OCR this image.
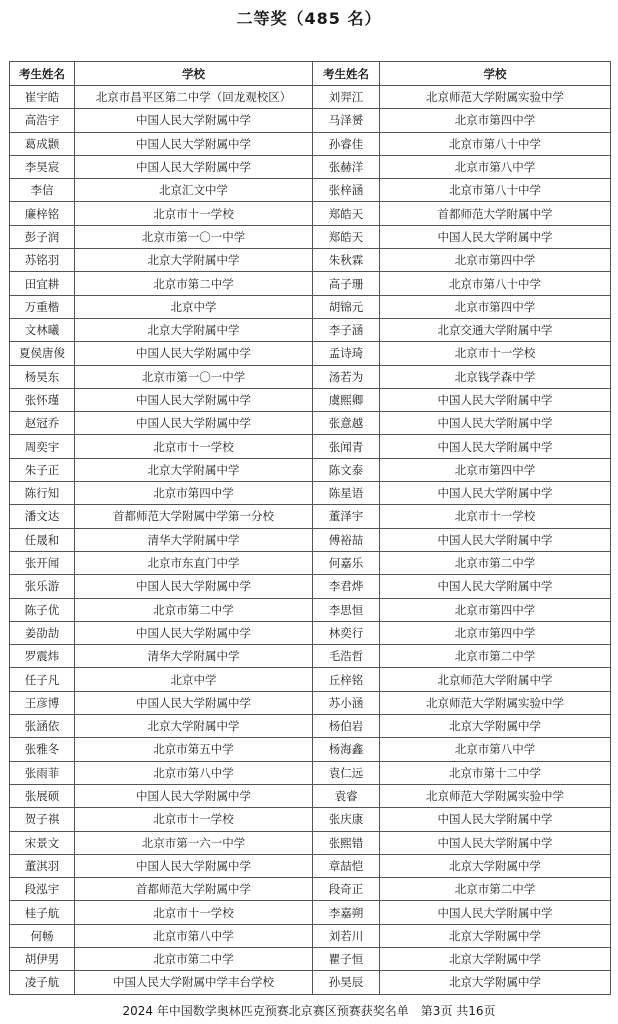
二等奖（485 名）
考生姓名	学校	考生姓名	学校
崔宇皓	北京市昌平区第二中学（回龙观校区）	刘羿江	北京师范大学附属实验中学
高浩宇	中国人民大学附属中学	马泽赟	北京市第四中学
葛成颢	中国人民大学附属中学	孙睿佳	北京市第八十中学
李昊宸	中国人民大学附属中学	张赫洋	北京市第八中学
李信	北京汇文中学	张梓涵	北京市第八十中学
廉梓铭	北京市十一学校	郑皓天	首都师范大学附属中学
彭子润	北京市第一〇一中学	郑皓天	中国人民大学附属中学
苏铭羽	北京大学附属中学	朱秋霖	北京市第四中学
田宜耕	北京市第二中学	高子珊	北京市第八十中学
万重楷	北京中学	胡锦元	北京市第四中学
文林曦	北京大学附属中学	李子涵	北京交通大学附属中学
夏侯唐俊	中国人民大学附属中学	孟诗琦	北京市十一学校
杨昊东	北京市第一〇一中学	汤若为	北京钱学森中学
张怀瑾	中国人民大学附属中学	虞熙卿	中国人民大学附属中学
赵冠乔	中国人民大学附属中学	张意越	中国人民大学附属中学
周奕宇	北京市十一学校	张闻青	中国人民大学附属中学
朱子正	北京大学附属中学	陈文泰	北京市第四中学
陈行知	北京市第四中学	陈星语	中国人民大学附属中学
潘文达	首都师范大学附属中学第一分校	董泽宇	北京市十一学校
任晟和	清华大学附属中学	傅裕喆	中国人民大学附属中学
张开闻	北京市东直门中学	何嘉乐	北京市第二中学
张乐游	中国人民大学附属中学	李君烨	中国人民大学附属中学
陈子优	北京市第二中学	李思恒	北京市第四中学
姜劭劼	中国人民大学附属中学	林奕行	北京市第四中学
罗震炜	清华大学附属中学	毛浩哲	北京市第二中学
任子凡	北京中学	丘梓铭	北京师范大学附属中学
王彦博	中国人民大学附属中学	苏小涵	北京师范大学附属实验中学
张涵依	北京大学附属中学	杨伯岩	北京大学附属中学
张雅冬	北京市第五中学	杨海鑫	北京市第八中学
张雨菲	北京市第八中学	袁仁远	北京市第十二中学
张展硕	中国人民大学附属中学	袁睿	北京师范大学附属实验中学
贺子祺	北京市十一学校	张庆康	中国人民大学附属中学
宋景文	北京市第一六一中学	张熙错	中国人民大学附属中学
董淇羽	中国人民大学附属中学	章喆恺	北京大学附属中学
段泓宇	首都师范大学附属中学	段奇正	北京市第二中学
桂子航	北京市十一学校	李嘉朔	中国人民大学附属中学
何畅	北京市第八中学	刘若川	北京大学附属中学
胡伊男	北京市第二中学	瞿子恒	北京大学附属中学
凌子航	中国人民大学附属中学丰台学校	孙昊辰	北京大学附属中学
2024 年中国数学奥林匹克预赛北京赛区预赛获奖名单　第3页 共16页
